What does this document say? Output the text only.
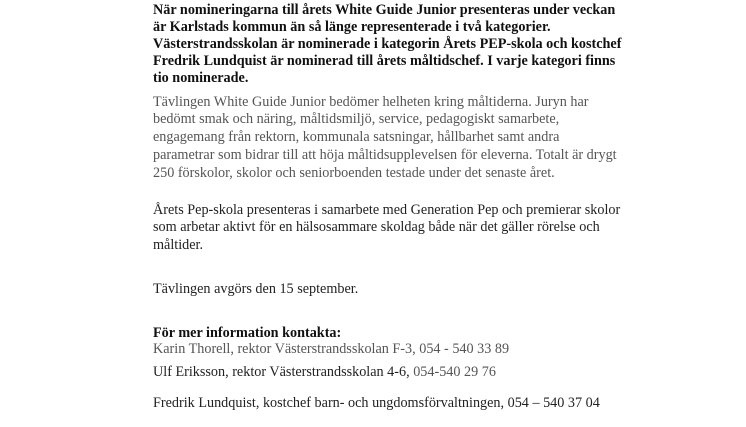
När nomineringarna till årets White Guide Junior presenteras under veckan är Karlstads kommun än så länge representerade i två kategorier. Västerstrandsskolan är nominerade i kategorin Årets PEP-skola och kostchef Fredrik Lundquist är nominerad till årets måltidschef. I varje kategori finns tio nominerade.

Tävlingen White Guide Junior bedömer helheten kring måltiderna. Juryn har bedömt smak och näring, måltidsmiljö, service, pedagogiskt samarbete, engagemang från rektorn, kommunala satsningar, hållbarhet samt andra parametrar som bidrar till att höja måltidsupplevelsen för eleverna. Totalt är drygt 250 förskolor, skolor och seniorboenden testade under det senaste året.

Årets Pep-skola presenteras i samarbete med Generation Pep och premierar skolor som arbetar aktivt för en hälsosammare skoldag både när det gäller rörelse och måltider.

Tävlingen avgörs den 15 september.

För mer information kontakta:

Karin Thorell, rektor Västerstrandsskolan F-3, 054 - 540 33 89

Ulf Eriksson, rektor Västerstrandsskolan 4-6, 054-540 29 76

Fredrik Lundquist, kostchef barn- och ungdomsförvaltningen, 054 – 540 37 04
